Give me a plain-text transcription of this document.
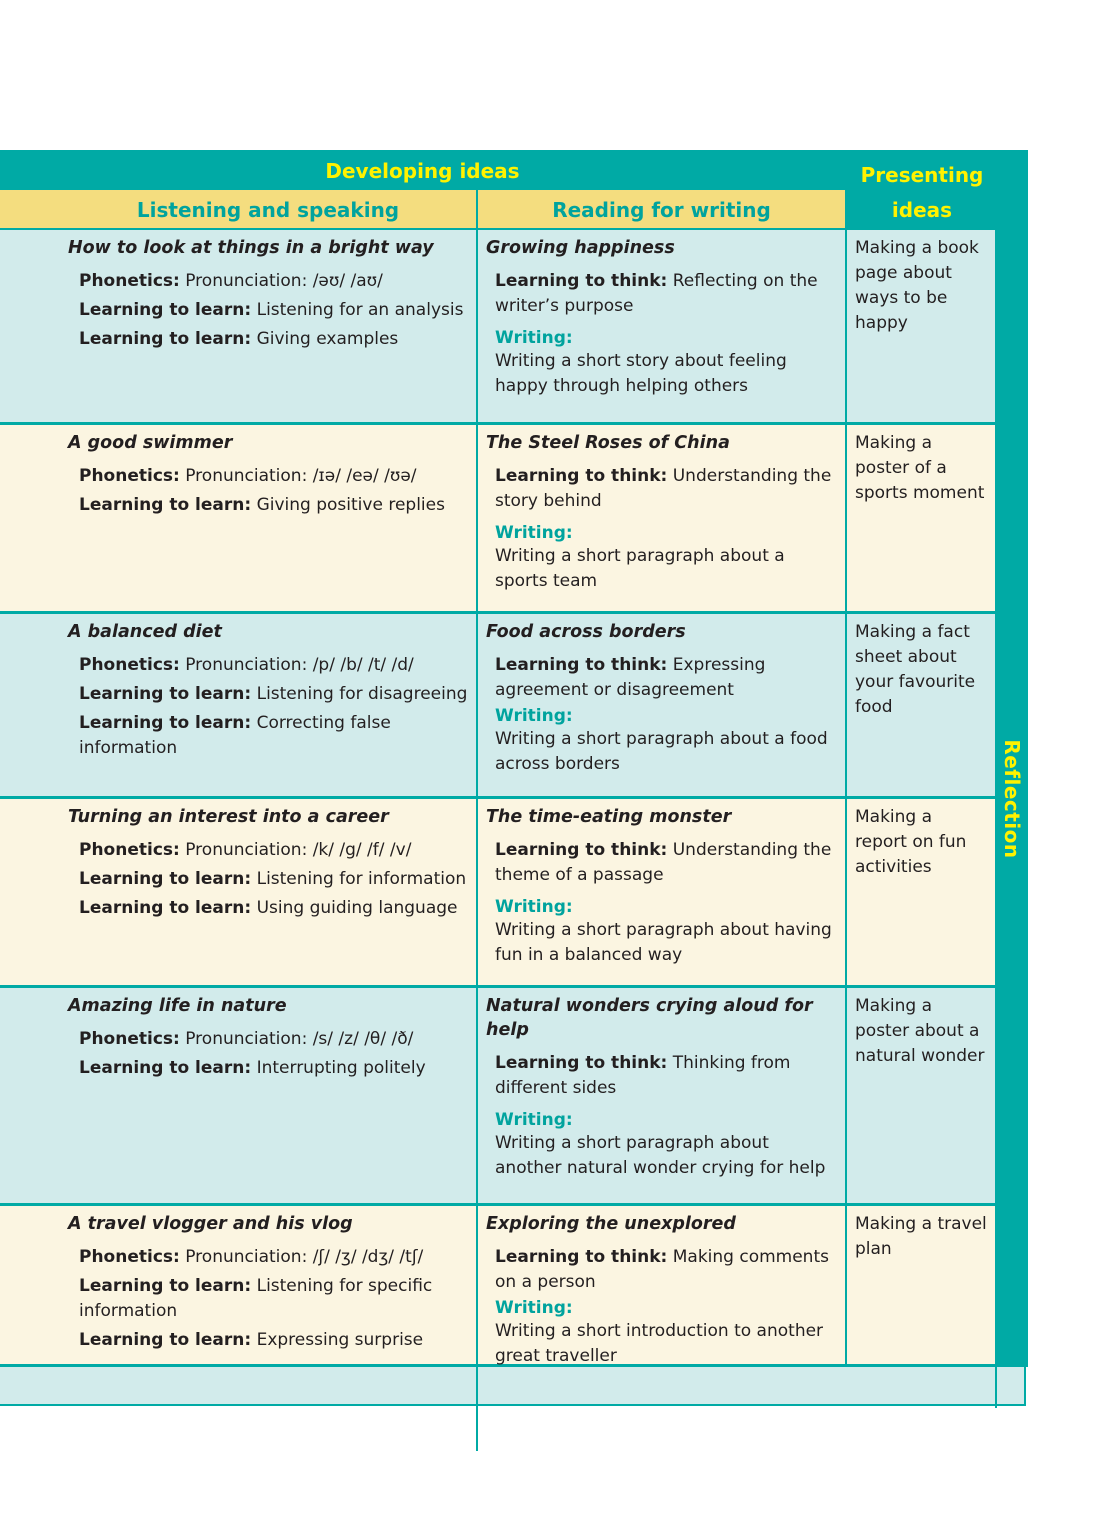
Developing ideas	Presenting ideas
Listening and speaking	Reading for writing
Reflection
How to look at things in a bright way
Phonetics: Pronunciation: /əʊ/ /aʊ/
Learning to learn: Listening for an analysis
Learning to learn: Giving examples
Growing happiness
Learning to think: Reflecting on the writer’s purpose
Writing:
Writing a short story about feeling happy through helping others
Making a book page about ways to be happy
A good swimmer
Phonetics: Pronunciation: /ɪə/ /eə/ /ʊə/
Learning to learn: Giving positive replies
The Steel Roses of China
Learning to think: Understanding the story behind
Writing:
Writing a short paragraph about a sports team
Making a poster of a sports moment
A balanced diet
Phonetics: Pronunciation: /p/ /b/ /t/ /d/
Learning to learn: Listening for disagreeing
Learning to learn: Correcting false information
Food across borders
Learning to think: Expressing agreement or disagreement
Writing:
Writing a short paragraph about a food across borders
Making a fact sheet about your favourite food
Turning an interest into a career
Phonetics: Pronunciation: /k/ /g/ /f/ /v/
Learning to learn: Listening for information
Learning to learn: Using guiding language
The time-eating monster
Learning to think: Understanding the theme of a passage
Writing:
Writing a short paragraph about having fun in a balanced way
Making a report on fun activities
Amazing life in nature
Phonetics: Pronunciation: /s/ /z/ /θ/ /ð/
Learning to learn: Interrupting politely
Natural wonders crying aloud for help
Learning to think: Thinking from different sides
Writing:
Writing a short paragraph about another natural wonder crying for help
Making a poster about a natural wonder
A travel vlogger and his vlog
Phonetics: Pronunciation: /ʃ/ /ʒ/ /dʒ/ /tʃ/
Learning to learn: Listening for specific information
Learning to learn: Expressing surprise
Exploring the unexplored
Learning to think: Making comments on a person
Writing:
Writing a short introduction to another great traveller
Making a travel plan
